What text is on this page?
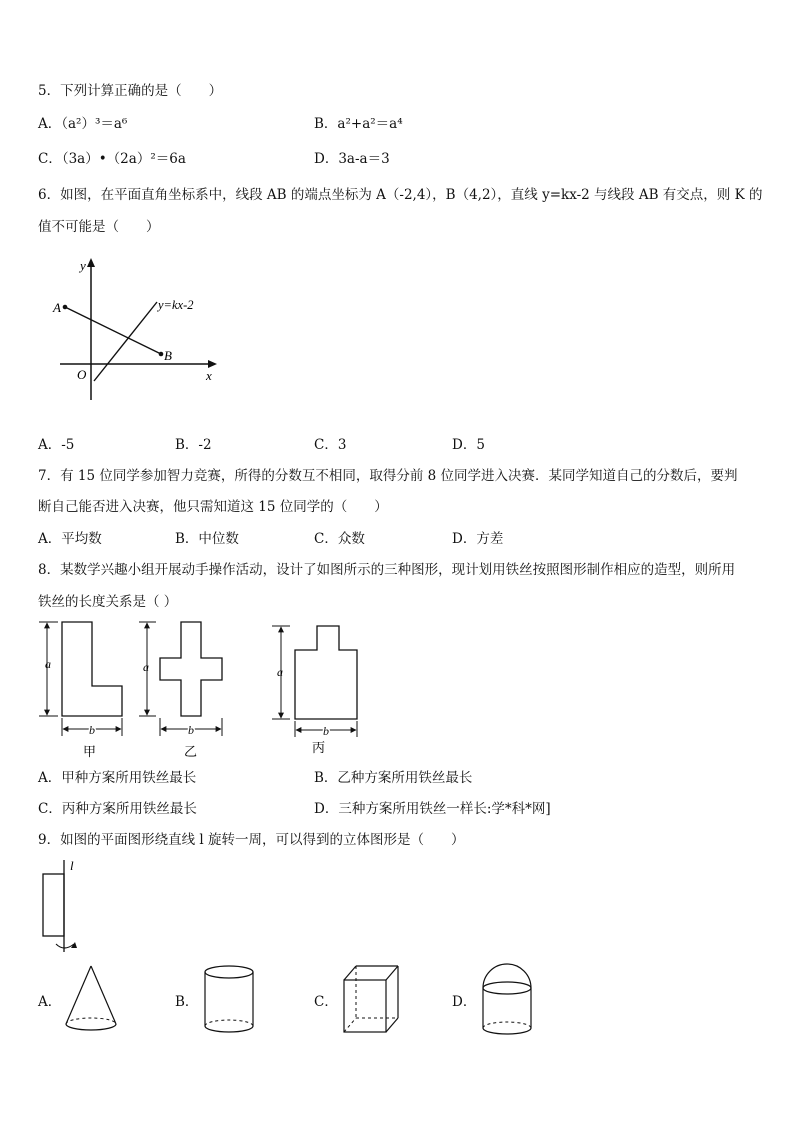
5．下列计算正确的是（　　）
A．（a²）³＝a⁶	B．a²+a²＝a⁴
C．（3a）•（2a）²＝6a	D．3a-a＝3
6．如图，在平面直角坐标系中，线段 AB 的端点坐标为 A（-2,4），B（4,2），直线 y=kx-2 与线段 AB 有交点，则 K 的
值不可能是（　　）
y
x
O
A
B
y=kx-2
A．-5	B．-2	C．3	D．5
7．有 15 位同学参加智力竞赛，所得的分数互不相同，取得分前 8 位同学进入决赛．某同学知道自己的分数后，要判
断自己能否进入决赛，他只需知道这 15 位同学的（　　）
A．平均数	B．中位数	C．众数	D．方差
8．某数学兴趣小组开展动手操作活动，设计了如图所示的三种图形，现计划用铁丝按照图形制作相应的造型，则所用
铁丝的长度关系是（ ）
a
b
甲
a
b
乙
a
b
丙
A．甲种方案所用铁丝最长	B．乙种方案所用铁丝最长
C．丙种方案所用铁丝最长	D．三种方案所用铁丝一样长:学*科*网]
9．如图的平面图形绕直线 l 旋转一周，可以得到的立体图形是（　　）
l
A．	B．	C．	D．
